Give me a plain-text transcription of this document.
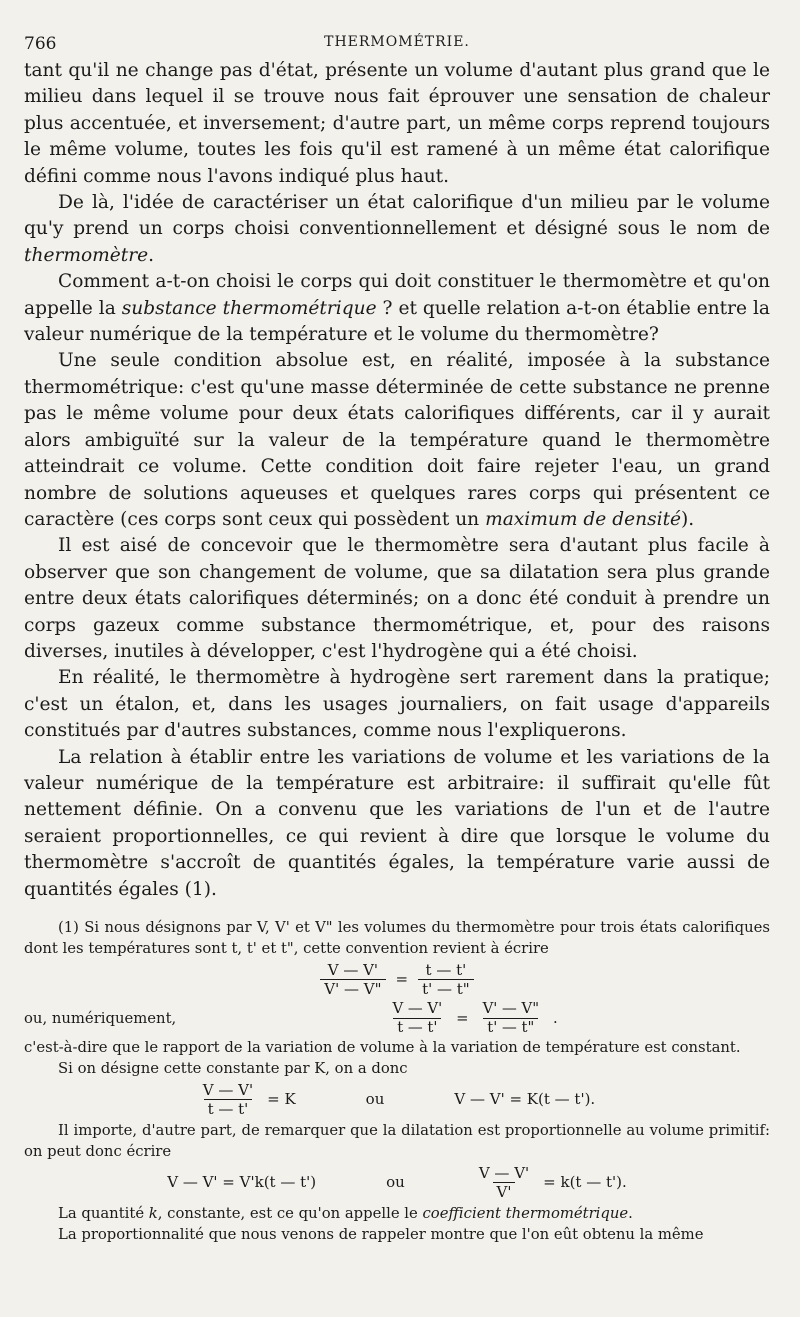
766	THERMOMÉTRIE.

tant qu'il ne change pas d'état, présente un volume d'autant plus grand que le milieu dans lequel il se trouve nous fait éprouver une sensation de chaleur plus accentuée, et inversement; d'autre part, un même corps reprend toujours le même volume, toutes les fois qu'il est ramené à un même état calorifique défini comme nous l'avons indiqué plus haut.

De là, l'idée de caractériser un état calorifique d'un milieu par le volume qu'y prend un corps choisi conventionnellement et désigné sous le nom de thermomètre.

Comment a-t-on choisi le corps qui doit constituer le thermomètre et qu'on appelle la substance thermométrique ? et quelle relation a-t-on établie entre la valeur numérique de la température et le volume du thermomètre?

Une seule condition absolue est, en réalité, imposée à la substance thermométrique: c'est qu'une masse déterminée de cette substance ne prenne pas le même volume pour deux états calorifiques différents, car il y aurait alors ambiguïté sur la valeur de la température quand le thermomètre atteindrait ce volume. Cette condition doit faire rejeter l'eau, un grand nombre de solutions aqueuses et quelques rares corps qui présentent ce caractère (ces corps sont ceux qui possèdent un maximum de densité).

Il est aisé de concevoir que le thermomètre sera d'autant plus facile à observer que son changement de volume, que sa dilatation sera plus grande entre deux états calorifiques déterminés; on a donc été conduit à prendre un corps gazeux comme substance thermométrique, et, pour des raisons diverses, inutiles à développer, c'est l'hydrogène qui a été choisi.

En réalité, le thermomètre à hydrogène sert rarement dans la pratique; c'est un étalon, et, dans les usages journaliers, on fait usage d'appareils constitués par d'autres substances, comme nous l'expliquerons.

La relation à établir entre les variations de volume et les variations de la valeur numérique de la température est arbitraire: il suffirait qu'elle fût nettement définie. On a convenu que les variations de l'un et de l'autre seraient proportionnelles, ce qui revient à dire que lorsque le volume du thermomètre s'accroît de quantités égales, la température varie aussi de quantités égales (1).

(1) Si nous désignons par V, V' et V" les volumes du thermomètre pour trois états calorifiques dont les températures sont t, t' et t", cette convention revient à écrire

$\frac{V — V'}{V' — V"} = \frac{t — t'}{t' — t"}$
ou, numériquement,	$\frac{V — V'}{t — t'} = \frac{V' — V"}{t' — t"}$ .

c'est-à-dire que le rapport de la variation de volume à la variation de température est constant.

Si on désigne cette constante par K, on a donc

$\frac{V — V'}{t — t'} = K$	ou	V — V' = K(t — t').

Il importe, d'autre part, de remarquer que la dilatation est proportionnelle au volume primitif: on peut donc écrire

V — V' = V'k(t — t')	ou	$\frac{V — V'}{V'} = k(t$ — t').

La quantité k, constante, est ce qu'on appelle le coefficient thermométrique.

La proportionnalité que nous venons de rappeler montre que l'on eût obtenu la même
